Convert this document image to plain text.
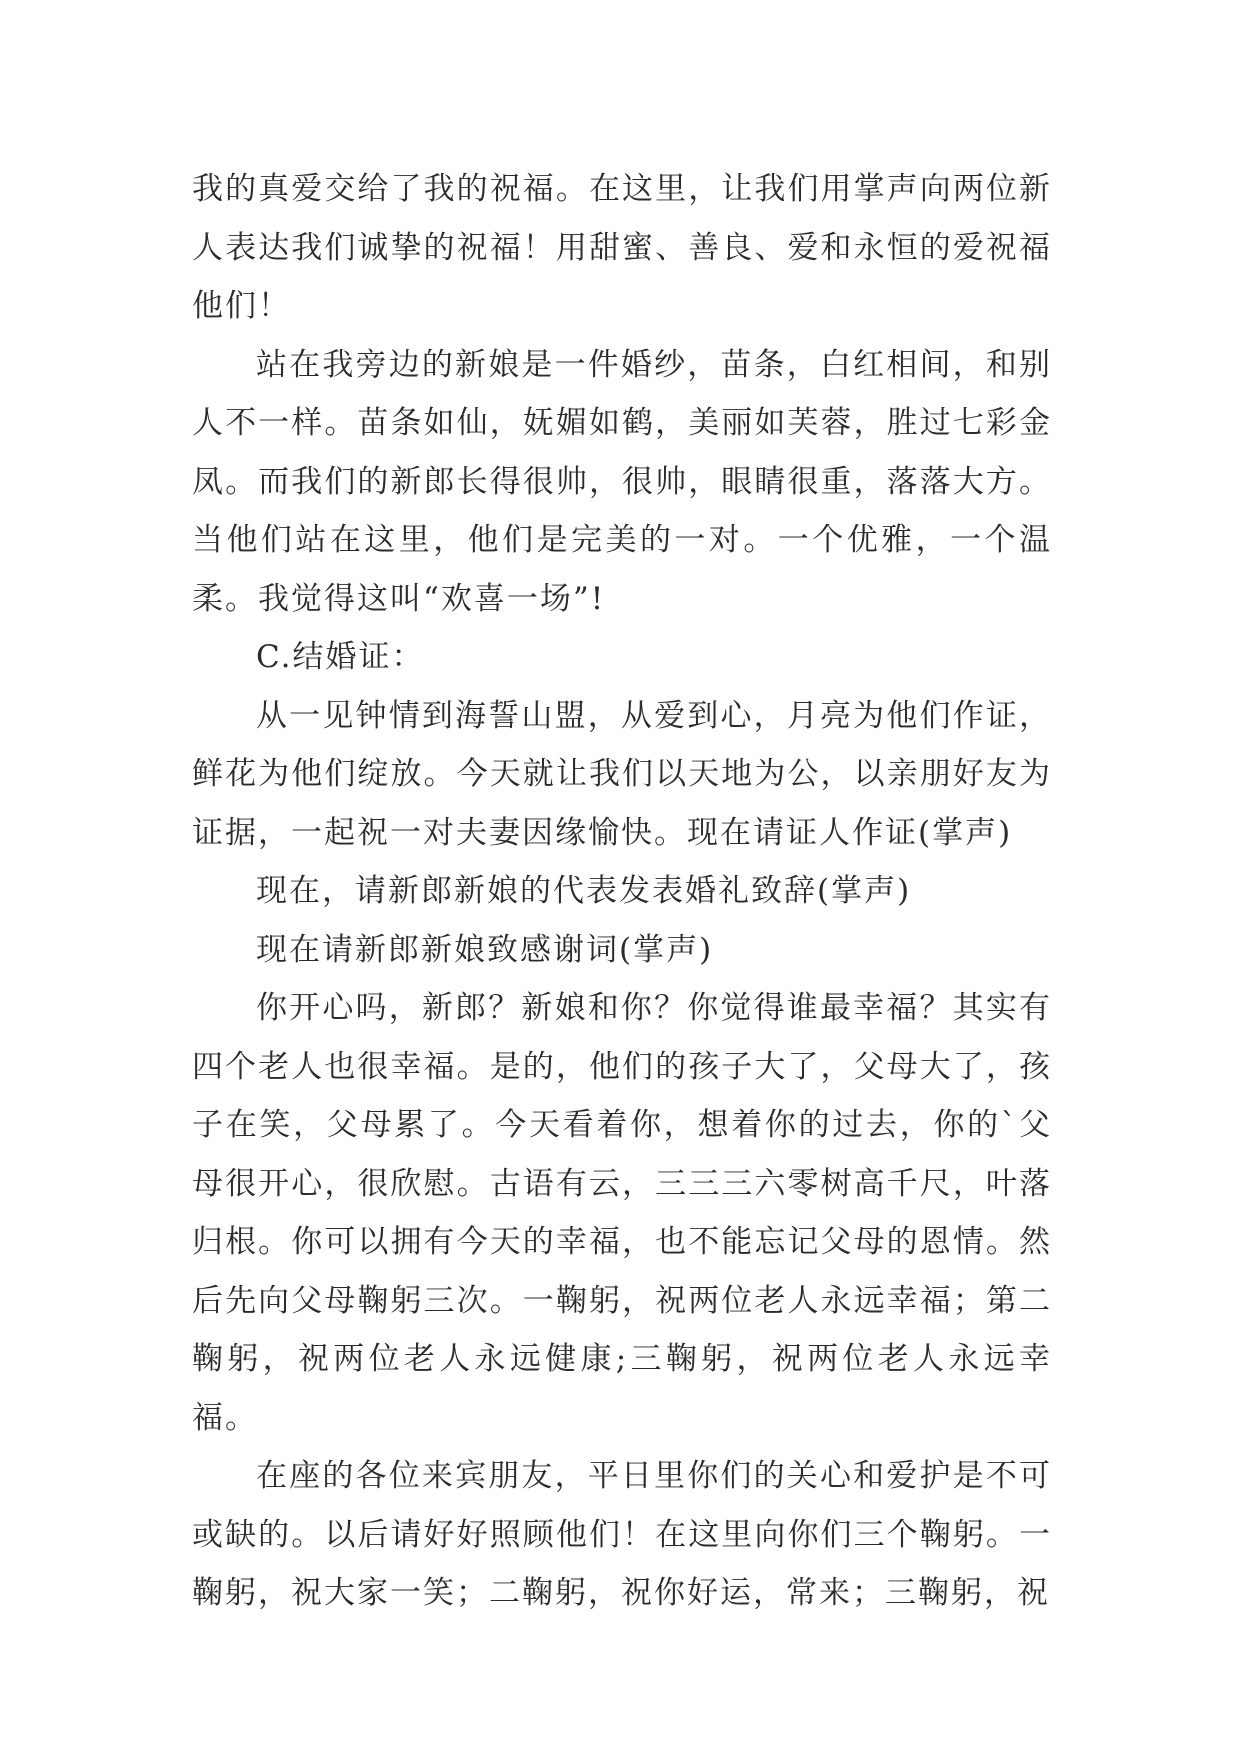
我的真爱交给了我的祝福。在这里，让我们用掌声向两位新人表达我们诚挚的祝福！用甜蜜、善良、爱和永恒的爱祝福他们！

站在我旁边的新娘是一件婚纱，苗条，白红相间，和别人不一样。苗条如仙，妩媚如鹤，美丽如芙蓉，胜过七彩金凤。而我们的新郎长得很帅，很帅，眼睛很重，落落大方。当他们站在这里，他们是完美的一对。一个优雅，一个温柔。我觉得这叫“欢喜一场”!

C.结婚证：

从一见钟情到海誓山盟，从爱到心，月亮为他们作证，鲜花为他们绽放。今天就让我们以天地为公，以亲朋好友为证据，一起祝一对夫妻因缘愉快。现在请证人作证(掌声)

现在，请新郎新娘的代表发表婚礼致辞(掌声)

现在请新郎新娘致感谢词(掌声)

你开心吗，新郎？新娘和你？你觉得谁最幸福？其实有四个老人也很幸福。是的，他们的孩子大了，父母大了，孩子在笑，父母累了。今天看着你，想着你的过去，你的`父母很开心，很欣慰。古语有云，三三三六零树高千尺，叶落归根。你可以拥有今天的幸福，也不能忘记父母的恩情。然后先向父母鞠躬三次。一鞠躬，祝两位老人永远幸福；第二鞠躬，祝两位老人永远健康;三鞠躬，祝两位老人永远幸福。

在座的各位来宾朋友，平日里你们的关心和爱护是不可或缺的。以后请好好照顾他们！在这里向你们三个鞠躬。一鞠躬，祝大家一笑；二鞠躬，祝你好运，常来；三鞠躬，祝
